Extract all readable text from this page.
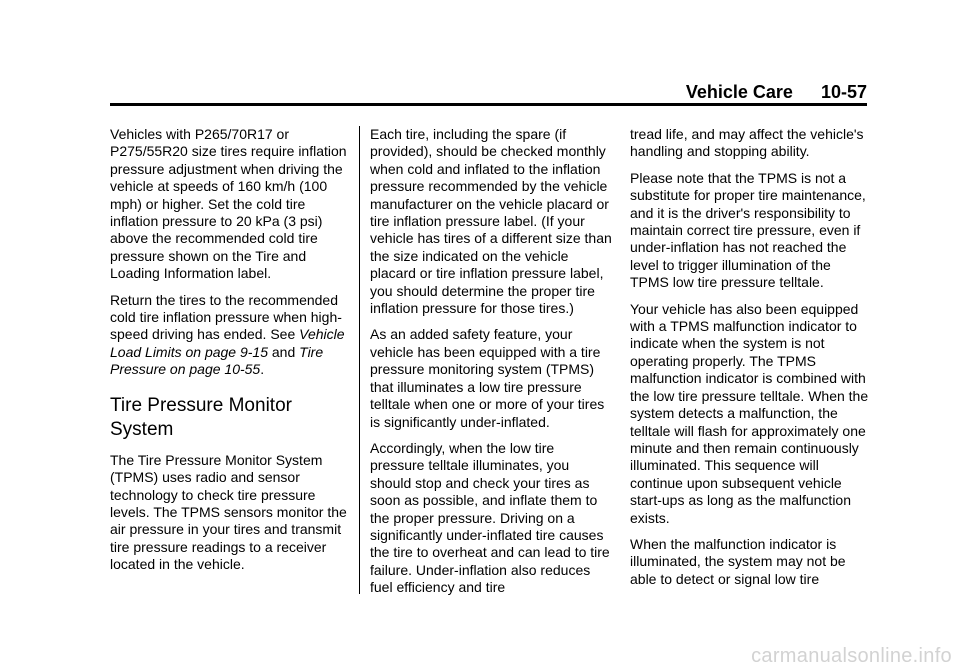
Vehicle Care 10-57

Vehicles with P265/70R17 or P275/55R20 size tires require inflation pressure adjustment when driving the vehicle at speeds of 160 km/h (100 mph) or higher. Set the cold tire inflation pressure to 20 kPa (3 psi) above the recommended cold tire pressure shown on the Tire and Loading Information label.

Return the tires to the recommended cold tire inflation pressure when high-speed driving has ended. See Vehicle Load Limits on page 9-15 and Tire Pressure on page 10-55.

Tire Pressure Monitor System

The Tire Pressure Monitor System (TPMS) uses radio and sensor technology to check tire pressure levels. The TPMS sensors monitor the air pressure in your tires and transmit tire pressure readings to a receiver located in the vehicle.

Each tire, including the spare (if provided), should be checked monthly when cold and inflated to the inflation pressure recommended by the vehicle manufacturer on the vehicle placard or tire inflation pressure label. (If your vehicle has tires of a different size than the size indicated on the vehicle placard or tire inflation pressure label, you should determine the proper tire inflation pressure for those tires.)

As an added safety feature, your vehicle has been equipped with a tire pressure monitoring system (TPMS) that illuminates a low tire pressure telltale when one or more of your tires is significantly under-inflated.

Accordingly, when the low tire pressure telltale illuminates, you should stop and check your tires as soon as possible, and inflate them to the proper pressure. Driving on a significantly under-inflated tire causes the tire to overheat and can lead to tire failure. Under-inflation also reduces fuel efficiency and tire

tread life, and may affect the vehicle's handling and stopping ability.

Please note that the TPMS is not a substitute for proper tire maintenance, and it is the driver's responsibility to maintain correct tire pressure, even if under-inflation has not reached the level to trigger illumination of the TPMS low tire pressure telltale.

Your vehicle has also been equipped with a TPMS malfunction indicator to indicate when the system is not operating properly. The TPMS malfunction indicator is combined with the low tire pressure telltale. When the system detects a malfunction, the telltale will flash for approximately one minute and then remain continuously illuminated. This sequence will continue upon subsequent vehicle start-ups as long as the malfunction exists.

When the malfunction indicator is illuminated, the system may not be able to detect or signal low tire

carmanualsonline.info
